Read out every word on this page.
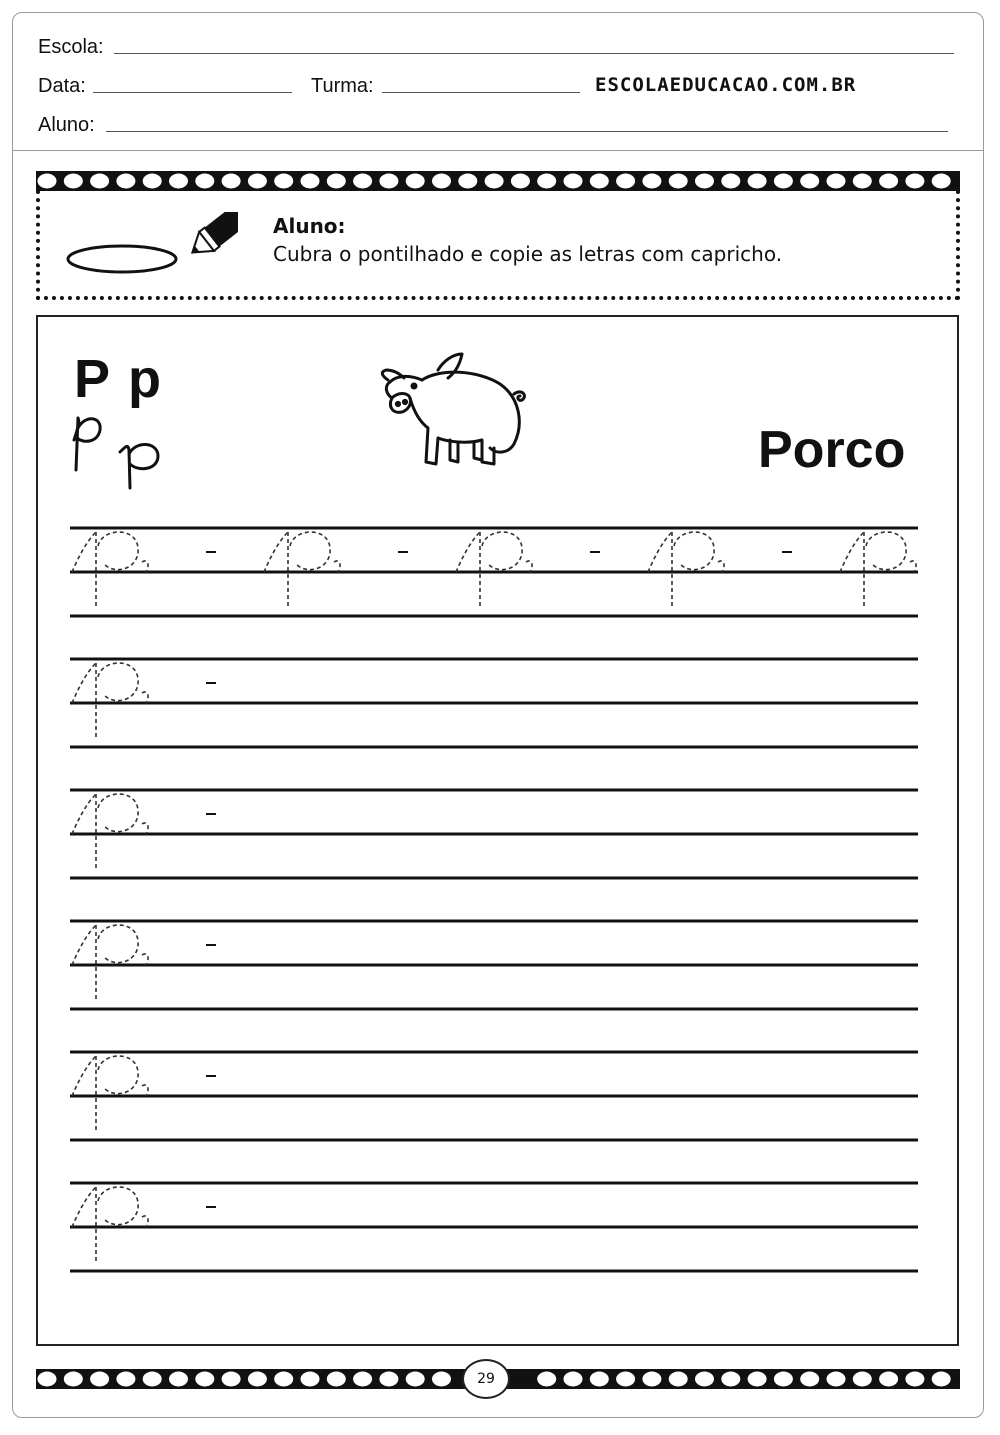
Escola:
Data:	Turma:	ESCOLAEDUCACAO.COM.BR
Aluno:
Aluno:
Cubra o pontilhado e copie as letras com capricho.
P p
Porco
29
